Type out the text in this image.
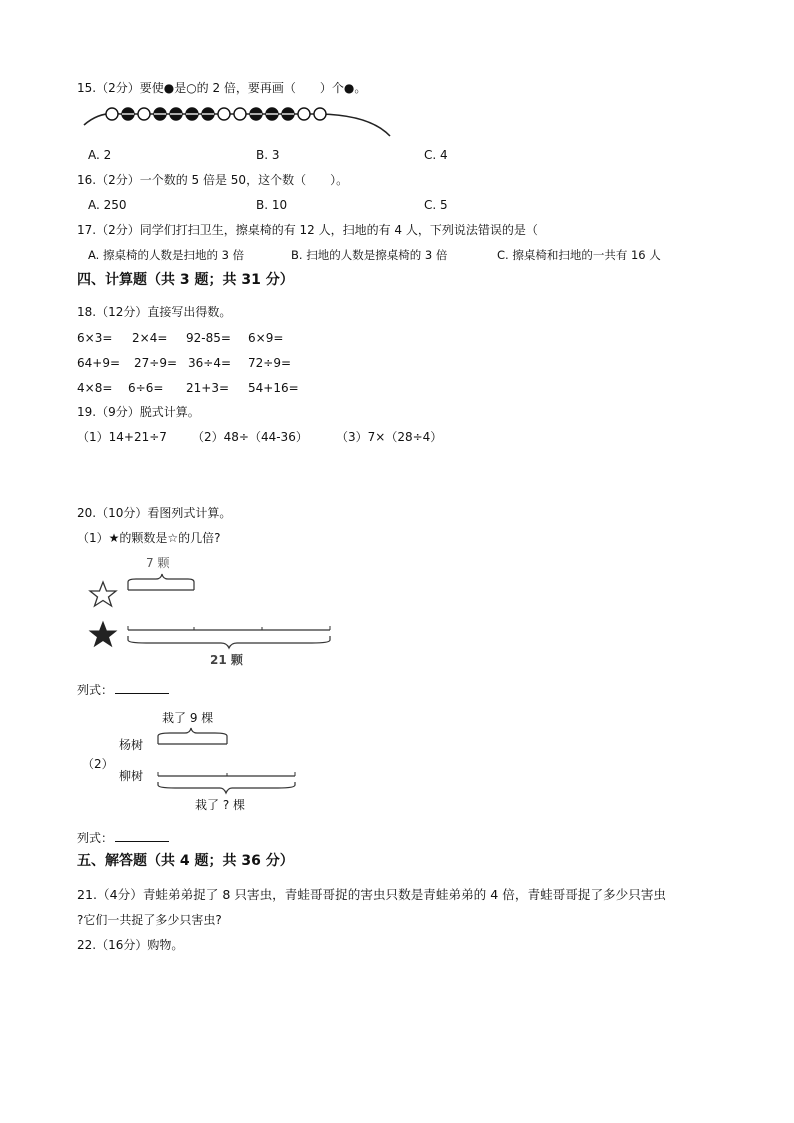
15.（2分）要使●是○的 2 倍，要再画（　　）个●。
A. 2	B. 3	C. 4
16.（2分）一个数的 5 倍是 50，这个数（　　）。
A. 250	B. 10	C. 5
17.（2分）同学们打扫卫生，擦桌椅的有 12 人，扫地的有 4 人，下列说法错误的是（
A. 擦桌椅的人数是扫地的 3 倍	B. 扫地的人数是擦桌椅的 3 倍	C. 擦桌椅和扫地的一共有 16 人
四、计算题（共 3 题；共 31 分）
18.（12分）直接写出得数。
6×3= 2×4= 92-85= 6×9=
64+9= 27÷9= 36÷4= 72÷9=
4×8= 6÷6= 21+3= 54+16=
19.（9分）脱式计算。
（1）14+21÷7 （2）48÷（44-36） （3）7×（28÷4）
20.（10分）看图列式计算。
（1）★的颗数是☆的几倍?
7 颗
21 颗
列式：
栽了 9 棵
杨树
（2）
柳树
栽了 ? 棵
列式：
五、解答题（共 4 题；共 36 分）
21.（4分）青蛙弟弟捉了 8 只害虫，青蛙哥哥捉的害虫只数是青蛙弟弟的 4 倍，青蛙哥哥捉了多少只害虫
?它们一共捉了多少只害虫?
22.（16分）购物。
